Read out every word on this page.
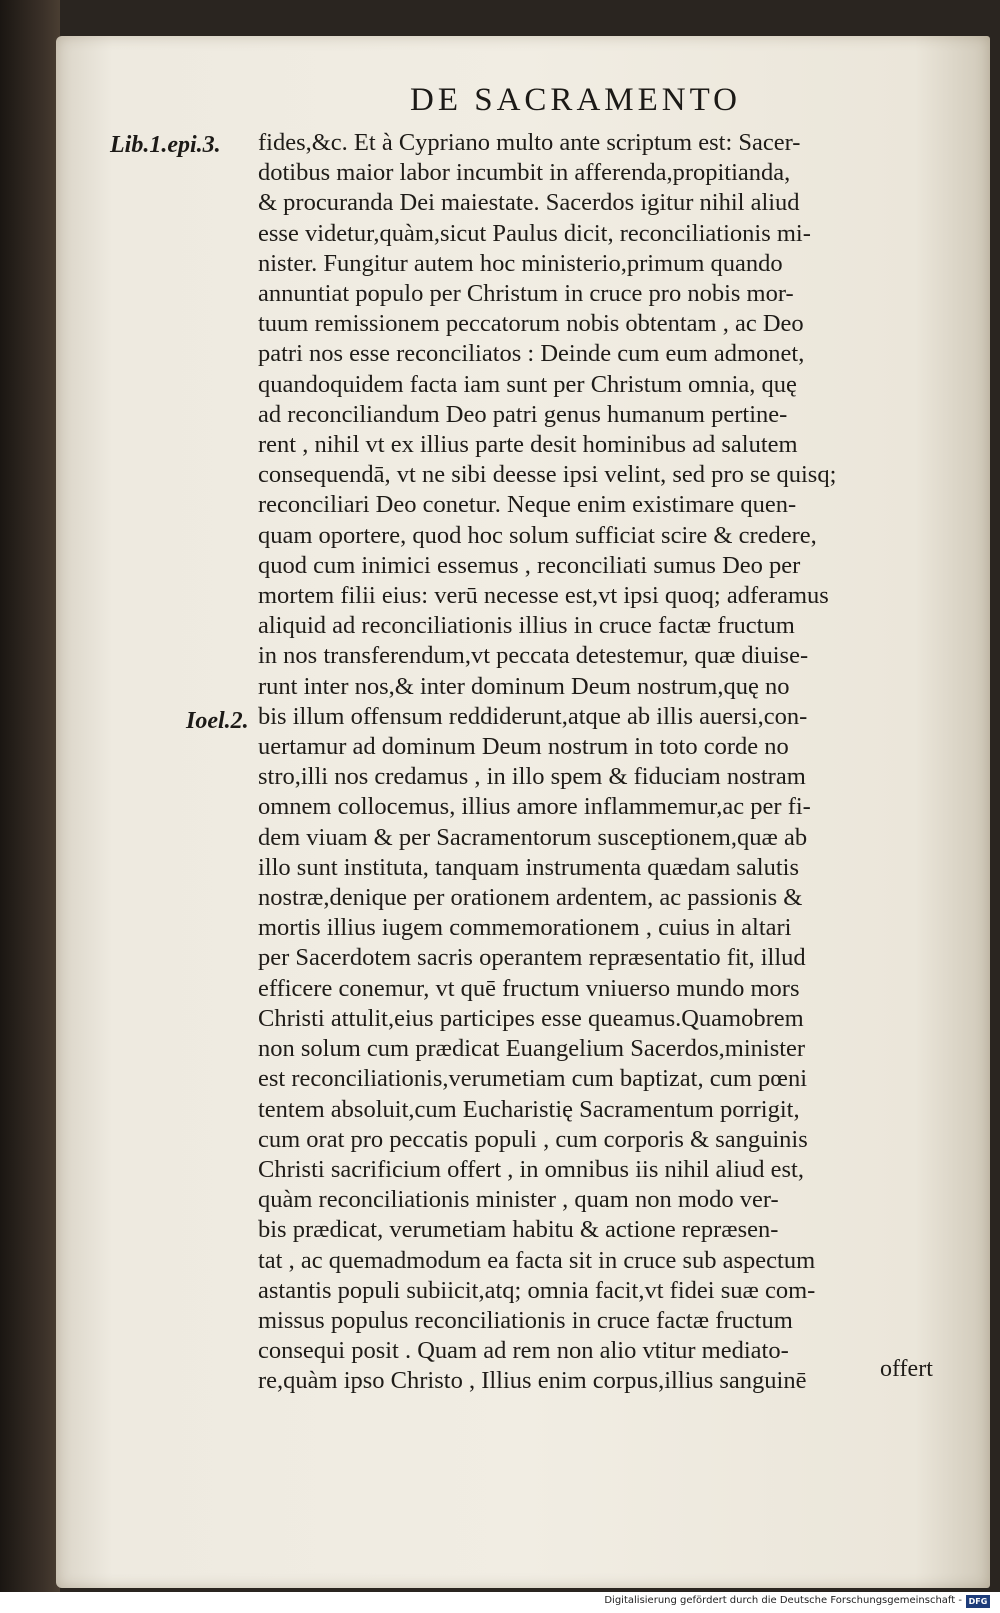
DE SACRAMENTO
Lib.1.epi.3.
Ioel.2.
fides,&c. Et à Cypriano multo ante scriptum est: Sacer-
dotibus maior labor incumbit in afferenda,propitianda,
& procuranda Dei maiestate. Sacerdos igitur nihil aliud
esse videtur,quàm,sicut Paulus dicit, reconciliationis mi-
nister. Fungitur autem hoc ministerio,primum quando
annuntiat populo per Christum in cruce pro nobis mor-
tuum remissionem peccatorum nobis obtentam , ac Deo
patri nos esse reconciliatos : Deinde cum eum admonet,
quandoquidem facta iam sunt per Christum omnia, quę
ad reconciliandum Deo patri genus humanum pertine-
rent , nihil vt ex illius parte desit hominibus ad salutem
consequendā, vt ne sibi deesse ipsi velint, sed pro se quisq;
reconciliari Deo conetur. Neque enim existimare quen-
quam oportere, quod hoc solum sufficiat scire & credere,
quod cum inimici essemus , reconciliati sumus Deo per
mortem filii eius: verū necesse est,vt ipsi quoq; adferamus
aliquid ad reconciliationis illius in cruce factæ fructum
in nos transferendum,vt peccata detestemur, quæ diuise-
runt inter nos,& inter dominum Deum nostrum,quę no
bis illum offensum reddiderunt,atque ab illis auersi,con-
uertamur ad dominum Deum nostrum in toto corde no
stro,illi nos credamus , in illo spem & fiduciam nostram
omnem collocemus, illius amore inflammemur,ac per fi-
dem viuam & per Sacramentorum susceptionem,quæ ab
illo sunt instituta, tanquam instrumenta quædam salutis
nostræ,denique per orationem ardentem, ac passionis &
mortis illius iugem commemorationem , cuius in altari
per Sacerdotem sacris operantem repræsentatio fit, illud
efficere conemur, vt quē fructum vniuerso mundo mors
Christi attulit,eius participes esse queamus.Quamobrem
non solum cum prædicat Euangelium Sacerdos,minister
est reconciliationis,verumetiam cum baptizat, cum pœni
tentem absoluit,cum Eucharistię Sacramentum porrigit,
cum orat pro peccatis populi , cum corporis & sanguinis
Christi sacrificium offert , in omnibus iis nihil aliud est,
quàm reconciliationis minister , quam non modo ver-
bis prædicat, verumetiam habitu & actione repræsen-
tat , ac quemadmodum ea facta sit in cruce sub aspectum
astantis populi subiicit,atq; omnia facit,vt fidei suæ com-
missus populus reconciliationis in cruce factæ fructum
consequi posit . Quam ad rem non alio vtitur mediato-
re,quàm ipso Christo , Illius enim corpus,illius sanguinē	offert
Digitalisierung gefördert durch die Deutsche Forschungsgemeinschaft - DFG
